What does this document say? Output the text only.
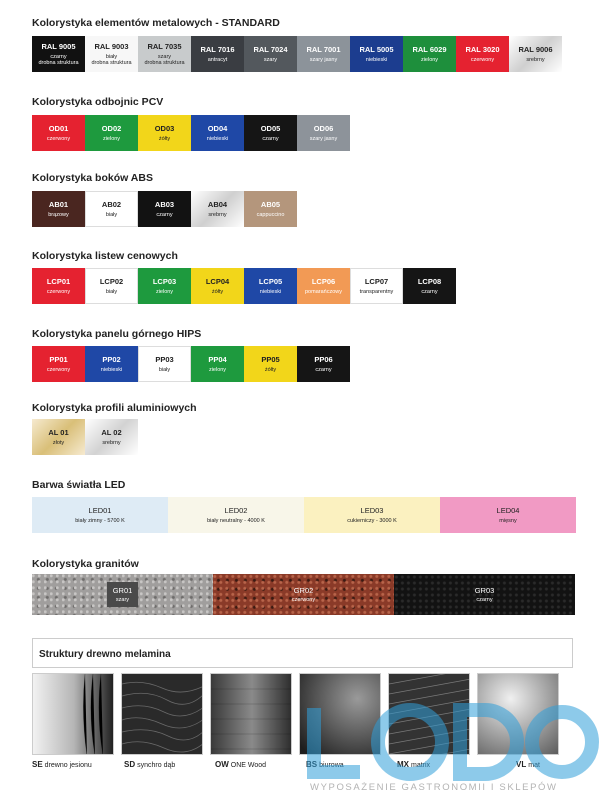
Kolorystyka elementów metalowych - STANDARD
RAL 9005
czarny
drobna struktura
RAL 9003
biały
drobna struktura
RAL 7035
szary
drobna struktura
RAL 7016
antracyt
RAL 7024
szary
RAL 7001
szary jasny
RAL 5005
niebieski
RAL 6029
zielony
RAL 3020
czerwony
RAL 9006
srebrny
Kolorystyka odbojnic PCV
OD01
czerwony
OD02
zielony
OD03
żółty
OD04
niebieski
OD05
czarny
OD06
szary jasny
Kolorystyka boków ABS
AB01
brązowy
AB02
biały
AB03
czarny
AB04
srebrny
AB05
cappuccino
Kolorystyka listew cenowych
LCP01
czerwony
LCP02
biały
LCP03
zielony
LCP04
żółty
LCP05
niebieski
LCP06
pomarańczowy
LCP07
transparentny
LCP08
czarny
Kolorystyka panelu górnego HIPS
PP01
czerwony
PP02
niebieski
PP03
biały
PP04
zielony
PP05
żółty
PP06
czarny
Kolorystyka profili aluminiowych
AL 01
złoty
AL 02
srebrny
Barwa światła LED
LED01
biały zimny - 5700 K
LED02
biały neutralny - 4000 K
LED03
cukierniczy - 3000 K
LED04
mięsny
Kolorystyka granitów
GR01
szary
GR02
czerwony
GR03
czarny
Struktury drewno melamina
SE drewno jesionu	SD synchro dąb	OW ONE Wood	BS biurowa	MX matrix	VL mat
WYPOSAŻENIE GASTRONOMII I SKLEPÓW
